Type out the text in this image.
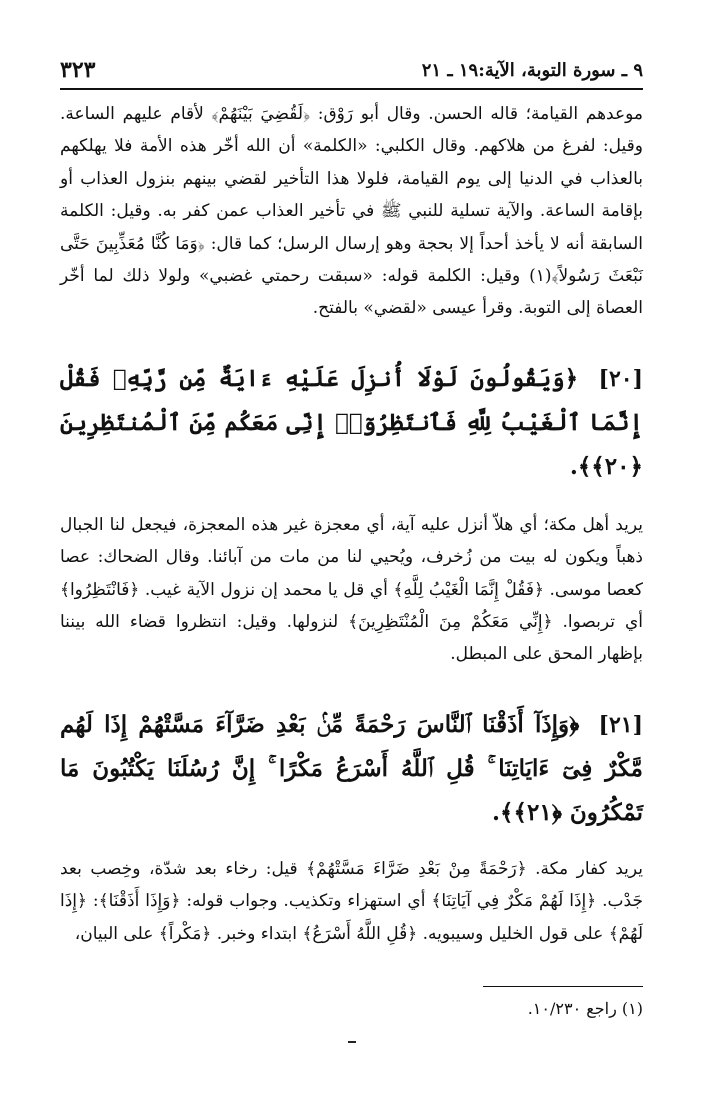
٣٢٣	٩ ـ سورة التوبة، الآية:١٩ ـ ٢١

موعدهم القيامة؛ قاله الحسن. وقال أبو رَوْق: ﴿لَقُضِيَ بَيْنَهُمْ﴾ لأقام عليهم الساعة. وقيل: لفرغ من هلاكهم. وقال الكلبي: «الكلمة» أن الله أخّر هذه الأمة فلا يهلكهم بالعذاب في الدنيا إلى يوم القيامة، فلولا هذا التأخير لقضي بينهم بنزول العذاب أو بإقامة الساعة. والآية تسلية للنبي ﷺ في تأخير العذاب عمن كفر به. وقيل: الكلمة السابقة أنه لا يأخذ أحداً إلا بحجة وهو إرسال الرسل؛ كما قال: ﴿وَمَا كُنَّا مُعَذِّبِينَ حَتَّى نَبْعَثَ رَسُولاً﴾(١) وقيل: الكلمة قوله: «سبقت رحمتي غضبي» ولولا ذلك لما أخّر العصاة إلى التوبة. وقرأ عيسى «لقضي» بالفتح.

[٢٠] ﴿وَيَقُولُونَ لَوْلَا أُنزِلَ عَلَيْهِ ءَايَةٌ مِّن رَّبِّهِۦ فَقُلْ إِنَّمَا ٱلْغَيْبُ لِلَّهِ فَٱنتَظِرُوٓا۟ إِنِّى مَعَكُم مِّنَ ٱلْمُنتَظِرِينَ ﴿٢٠﴾﴾.

يريد أهل مكة؛ أي هلاّ أنزل عليه آية، أي معجزة غير هذه المعجزة، فيجعل لنا الجبال ذهباً ويكون له بيت من زُخرف، ويُحيي لنا من مات من آبائنا. وقال الضحاك: عصا كعصا موسى. ﴿فَقُلْ إِنَّمَا الْغَيْبُ لِلَّهِ﴾ أي قل يا محمد إن نزول الآية غيب. ﴿فَانْتَظِرُوا﴾ أي تربصوا. ﴿إِنِّي مَعَكُمْ مِنَ الْمُنْتَظِرِينَ﴾ لنزولها. وقيل: انتظروا قضاء الله بيننا بإظهار المحق على المبطل.

[٢١] ﴿وَإِذَآ أَذَقْنَا ٱلنَّاسَ رَحْمَةً مِّنۢ بَعْدِ ضَرَّآءَ مَسَّتْهُمْ إِذَا لَهُم مَّكْرٌ فِىٓ ءَايَاتِنَا ۚ قُلِ ٱللَّهُ أَسْرَعُ مَكْرًا ۚ إِنَّ رُسُلَنَا يَكْتُبُونَ مَا تَمْكُرُونَ ﴿٢١﴾﴾.

يريد كفار مكة. ﴿رَحْمَةً مِنْ بَعْدِ ضَرَّاءَ مَسَّتْهُمْ﴾ قيل: رخاء بعد شدّة، وخِصب بعد جَدْب. ﴿إِذَا لَهُمْ مَكْرٌ فِي آيَاتِنَا﴾ أي استهزاء وتكذيب. وجواب قوله: ﴿وَإِذَا أَذَقْنَا﴾: ﴿إِذَا لَهُمْ﴾ على قول الخليل وسيبويه. ﴿قُلِ اللَّهُ أَسْرَعُ﴾ ابتداء وخبر. ﴿مَكْراً﴾ على البيان،

(١) راجع ١٠/٢٣٠.
